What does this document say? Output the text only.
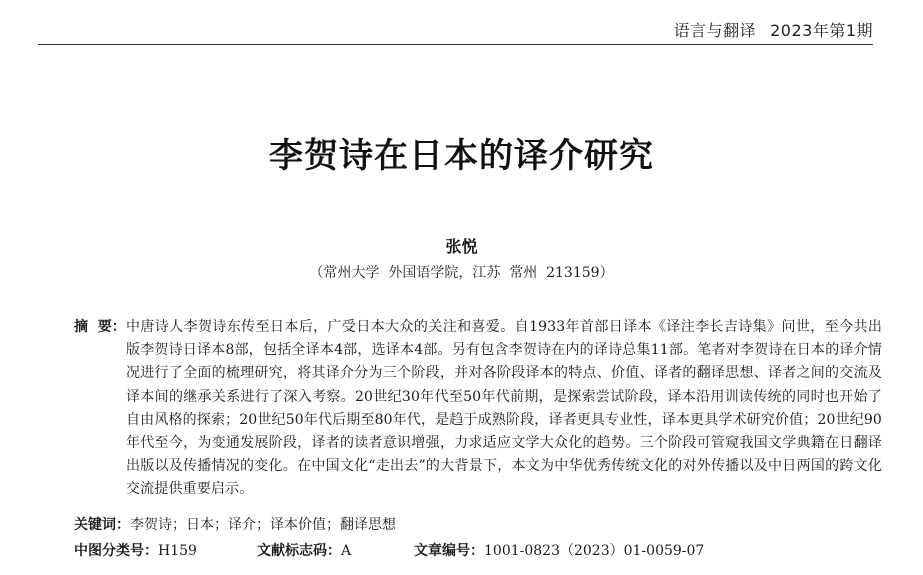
语言与翻译 2023年第1期
李贺诗在日本的译介研究
张悦
（常州大学  外国语学院，江苏  常州  213159）
摘  要： 中唐诗人李贺诗东传至日本后，广受日本大众的关注和喜爱。自1933年首部日译本《译注李长吉诗集》问世，至今共出版李贺诗日译本8部，包括全译本4部，选译本4部。另有包含李贺诗在内的译诗总集11部。笔者对李贺诗在日本的译介情况进行了全面的梳理研究，将其译介分为三个阶段，并对各阶段译本的特点、价值、译者的翻译思想、译者之间的交流及译本间的继承关系进行了深入考察。20世纪30年代至50年代前期，是探索尝试阶段，译本沿用训读传统的同时也开始了自由风格的探索；20世纪50年代后期至80年代，是趋于成熟阶段，译者更具专业性，译本更具学术研究价值；20世纪90年代至今，为变通发展阶段，译者的读者意识增强，力求适应文学大众化的趋势。三个阶段可管窥我国文学典籍在日翻译出版以及传播情况的变化。在中国文化“走出去”的大背景下，本文为中华优秀传统文化的对外传播以及中日两国的跨文化交流提供重要启示。
关键词：李贺诗；日本；译介；译本价值；翻译思想
中图分类号：H159	文献标志码：A	文章编号：1001-0823（2023）01-0059-07
